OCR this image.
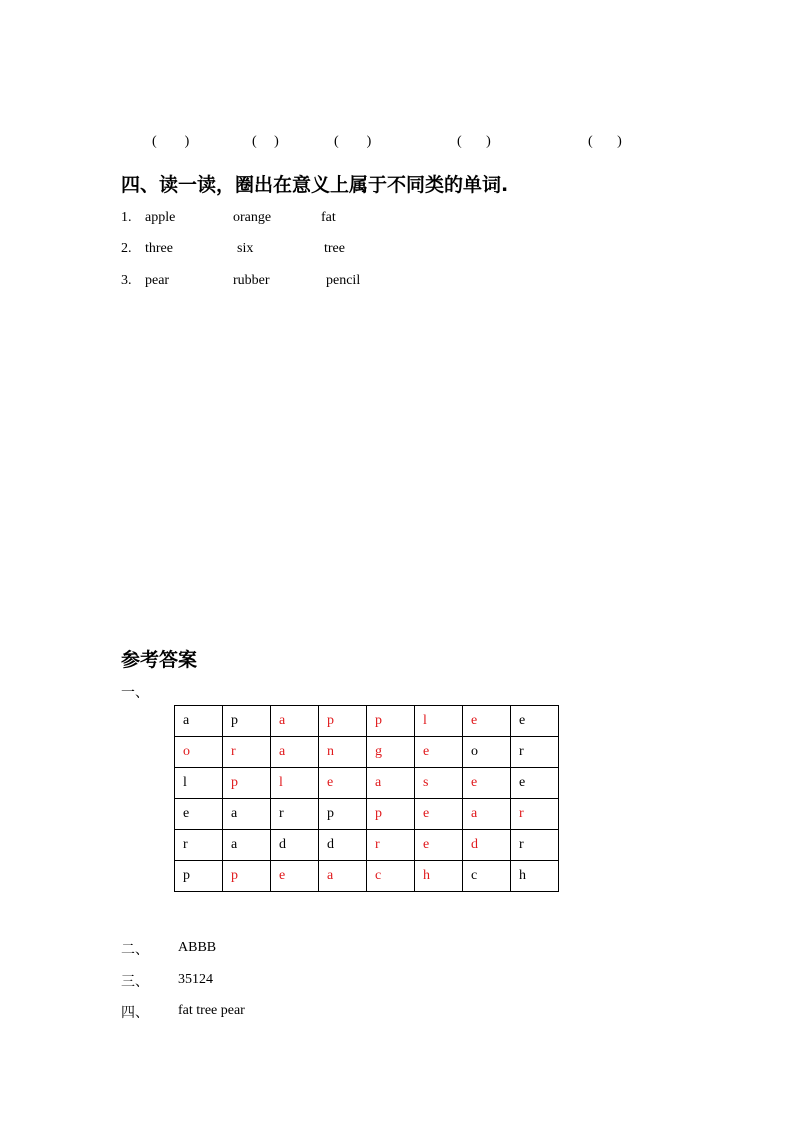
(        )	(     )	(        )	(       )	(       )
四、读一读，圈出在意义上属于不同类的单词.
1. apple	orange	fat
2. three	six	tree
3. pear	rubber	pencil
参考答案
一、
a	p	a	p	p	l	e	e
o	r	a	n	g	e	o	r
l	p	l	e	a	s	e	e
e	a	r	p	p	e	a	r
r	a	d	d	r	e	d	r
p	p	e	a	c	h	c	h
二、 ABBB
三、 35124
四、 fat tree pear
